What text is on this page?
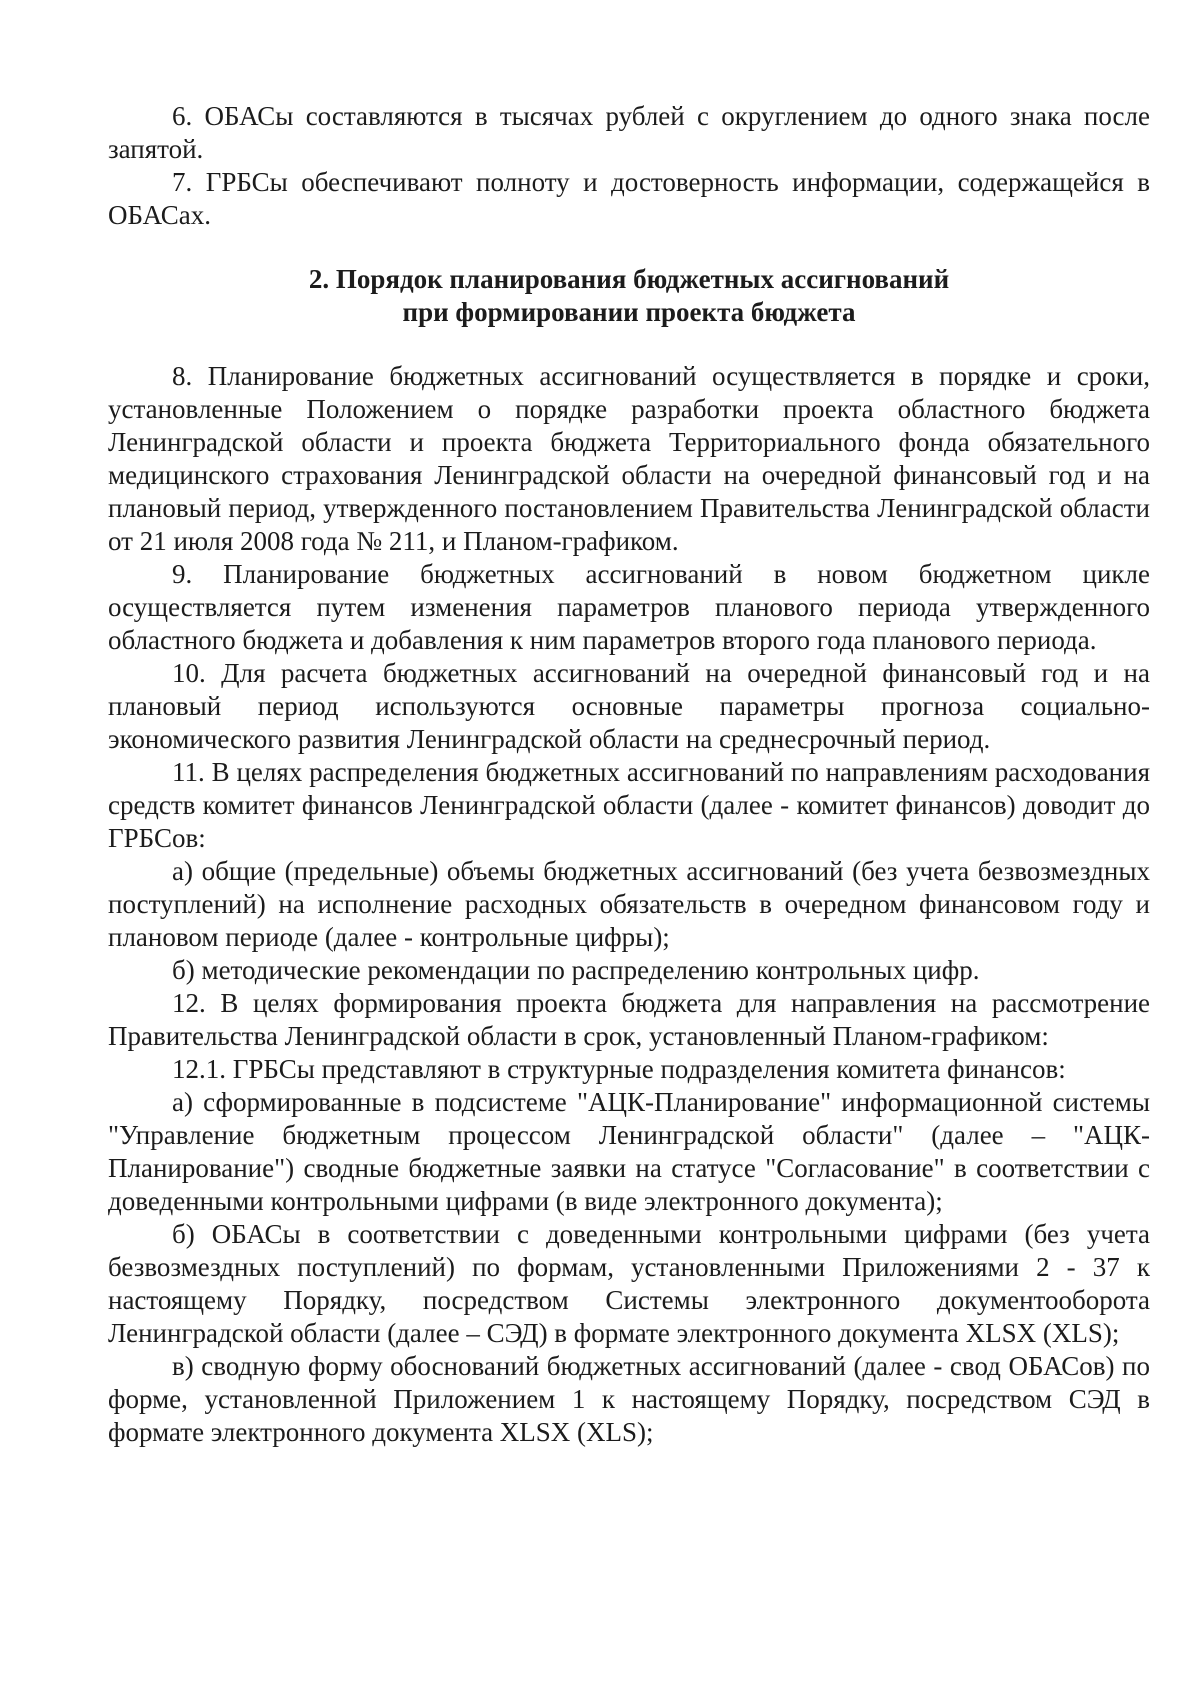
6. ОБАСы составляются в тысячах рублей с округлением до одного знака после запятой.

7. ГРБСы обеспечивают полноту и достоверность информации, содержащейся в ОБАСах.

2. Порядок планирования бюджетных ассигнований

при формировании проекта бюджета

8. Планирование бюджетных ассигнований осуществляется в порядке и сроки, установленные Положением о порядке разработки проекта областного бюджета Ленинградской области и проекта бюджета Территориального фонда обязательного медицинского страхования Ленинградской области на очередной финансовый год и на плановый период, утвержденного постановлением Правительства Ленинградской области от 21 июля 2008 года № 211, и Планом-графиком.

9. Планирование бюджетных ассигнований в новом бюджетном цикле осуществляется путем изменения параметров планового периода утвержденного областного бюджета и добавления к ним параметров второго года планового периода.

10. Для расчета бюджетных ассигнований на очередной финансовый год и на плановый период используются основные параметры прогноза социально-экономического развития Ленинградской области на среднесрочный период.

11. В целях распределения бюджетных ассигнований по направлениям расходования средств комитет финансов Ленинградской области (далее - комитет финансов) доводит до ГРБСов:

а) общие (предельные) объемы бюджетных ассигнований (без учета безвозмездных поступлений) на исполнение расходных обязательств в очередном финансовом году и плановом периоде (далее - контрольные цифры);

б) методические рекомендации по распределению контрольных цифр.

12. В целях формирования проекта бюджета для направления на рассмотрение Правительства Ленинградской области в срок, установленный Планом-графиком:

12.1. ГРБСы представляют в структурные подразделения комитета финансов:

а) сформированные в подсистеме "АЦК-Планирование" информационной системы "Управление бюджетным процессом Ленинградской области" (далее – "АЦК-Планирование") сводные бюджетные заявки на статусе "Согласование" в соответствии с доведенными контрольными цифрами (в виде электронного документа);

б) ОБАСы в соответствии с доведенными контрольными цифрами (без учета безвозмездных поступлений) по формам, установленными Приложениями 2 - 37 к настоящему Порядку, посредством Системы электронного документооборота Ленинградской области (далее – СЭД) в формате электронного документа XLSX (XLS);

в) сводную форму обоснований бюджетных ассигнований (далее - свод ОБАСов) по форме, установленной Приложением 1 к настоящему Порядку, посредством СЭД в формате электронного документа XLSX (XLS);
